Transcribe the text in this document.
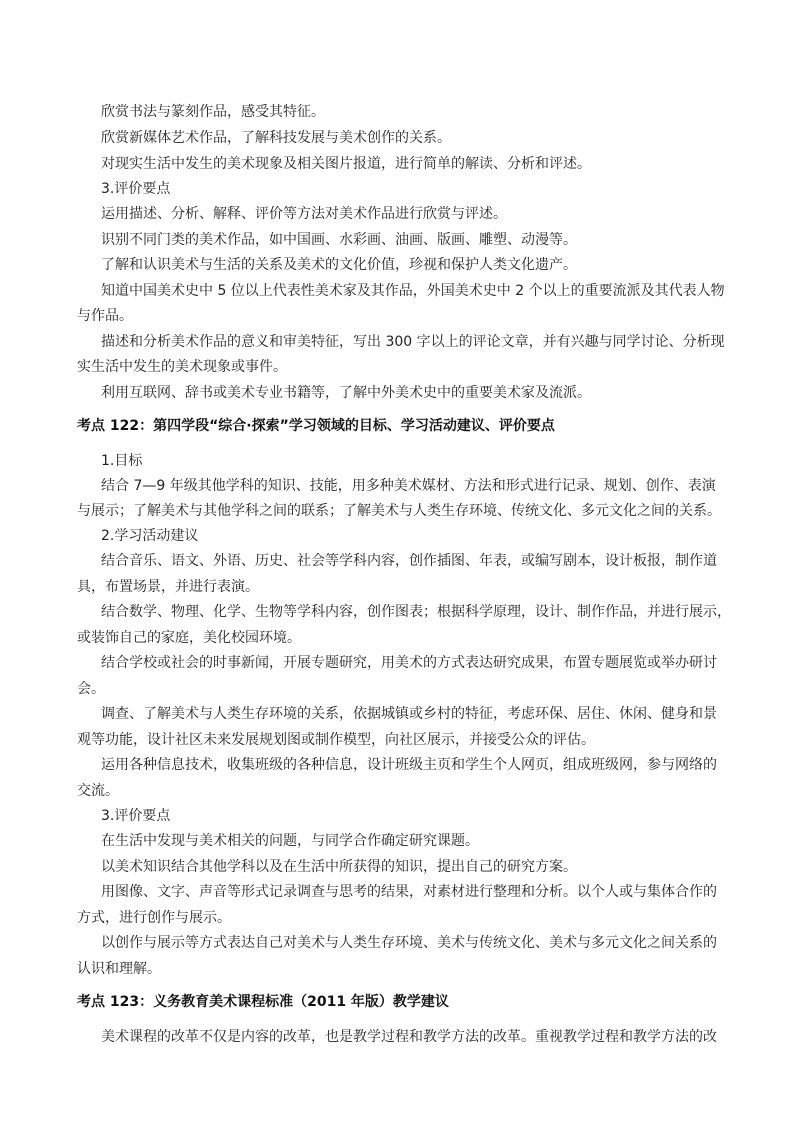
欣赏书法与篆刻作品，感受其特征。
欣赏新媒体艺术作品，了解科技发展与美术创作的关系。
对现实生活中发生的美术现象及相关图片报道，进行简单的解读、分析和评述。
3.评价要点
运用描述、分析、解释、评价等方法对美术作品进行欣赏与评述。
识别不同门类的美术作品，如中国画、水彩画、油画、版画、雕塑、动漫等。
了解和认识美术与生活的关系及美术的文化价值，珍视和保护人类文化遗产。
知道中国美术史中 5 位以上代表性美术家及其作品，外国美术史中 2 个以上的重要流派及其代表人物
与作品。
描述和分析美术作品的意义和审美特征，写出 300 字以上的评论文章，并有兴趣与同学讨论、分析现
实生活中发生的美术现象或事件。
利用互联网、辞书或美术专业书籍等，了解中外美术史中的重要美术家及流派。
考点 122：第四学段“综合·探索”学习领域的目标、学习活动建议、评价要点
1.目标
结合 7—9 年级其他学科的知识、技能，用多种美术媒材、方法和形式进行记录、规划、创作、表演
与展示；了解美术与其他学科之间的联系；了解美术与人类生存环境、传统文化、多元文化之间的关系。
2.学习活动建议
结合音乐、语文、外语、历史、社会等学科内容，创作插图、年表，或编写剧本，设计板报，制作道
具，布置场景，并进行表演。
结合数学、物理、化学、生物等学科内容，创作图表；根据科学原理，设计、制作作品，并进行展示，
或装饰自己的家庭，美化校园环境。
结合学校或社会的时事新闻，开展专题研究，用美术的方式表达研究成果，布置专题展览或举办研讨
会。
调查、了解美术与人类生存环境的关系，依据城镇或乡村的特征，考虑环保、居住、休闲、健身和景
观等功能，设计社区未来发展规划图或制作模型，向社区展示，并接受公众的评估。
运用各种信息技术，收集班级的各种信息，设计班级主页和学生个人网页，组成班级网，参与网络的
交流。
3.评价要点
在生活中发现与美术相关的问题，与同学合作确定研究课题。
以美术知识结合其他学科以及在生活中所获得的知识，提出自己的研究方案。
用图像、文字、声音等形式记录调查与思考的结果，对素材进行整理和分析。以个人或与集体合作的
方式，进行创作与展示。
以创作与展示等方式表达自己对美术与人类生存环境、美术与传统文化、美术与多元文化之间关系的
认识和理解。
考点 123：义务教育美术课程标准（2011 年版）教学建议
美术课程的改革不仅是内容的改革，也是教学过程和教学方法的改革。重视教学过程和教学方法的改
